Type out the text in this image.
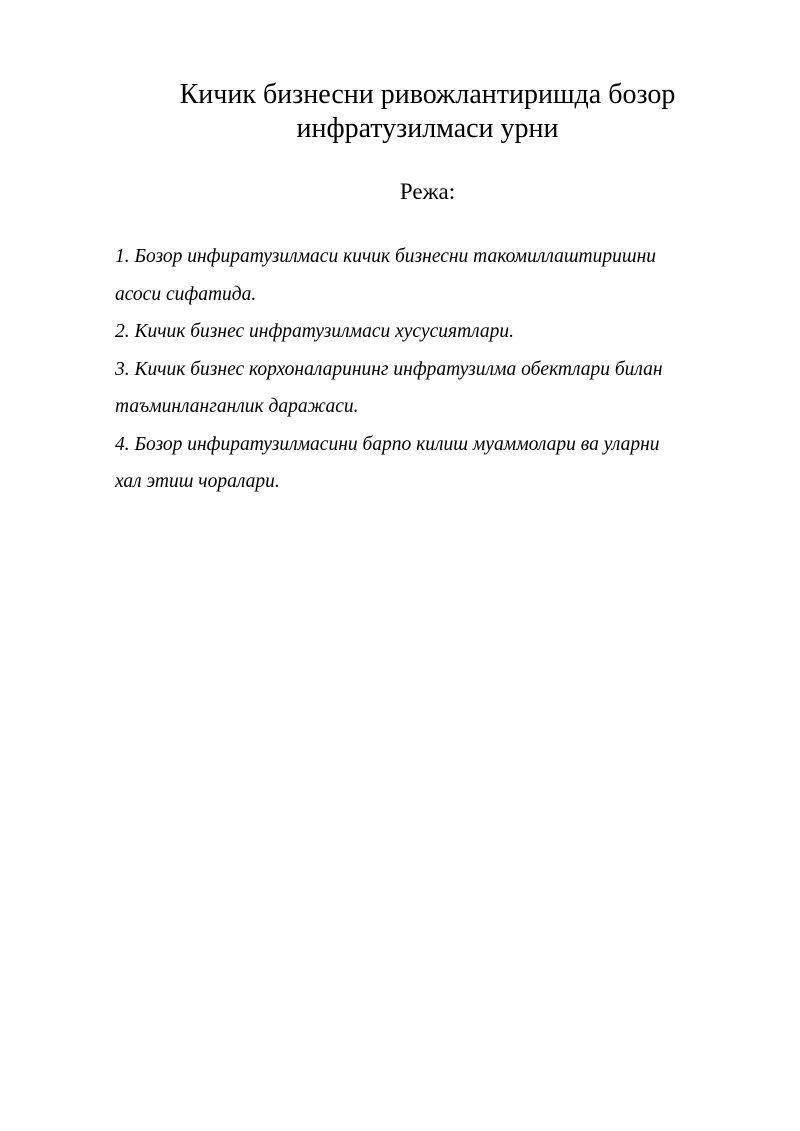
Кичик бизнесни ривожлантиришда бозор
инфратузилмаси урни

Режа:

1. Бозор инфиратузилмаси кичик бизнесни такомиллаштиришни
асоси сифатида.
2. Кичик бизнес инфратузилмаси хусусиятлари.
3. Кичик бизнес корхоналарининг инфратузилма обектлари билан
таъминланганлик даражаси.
4. Бозор инфиратузилмасини барпо килиш муаммолари ва уларни
хал этиш чоралари.
